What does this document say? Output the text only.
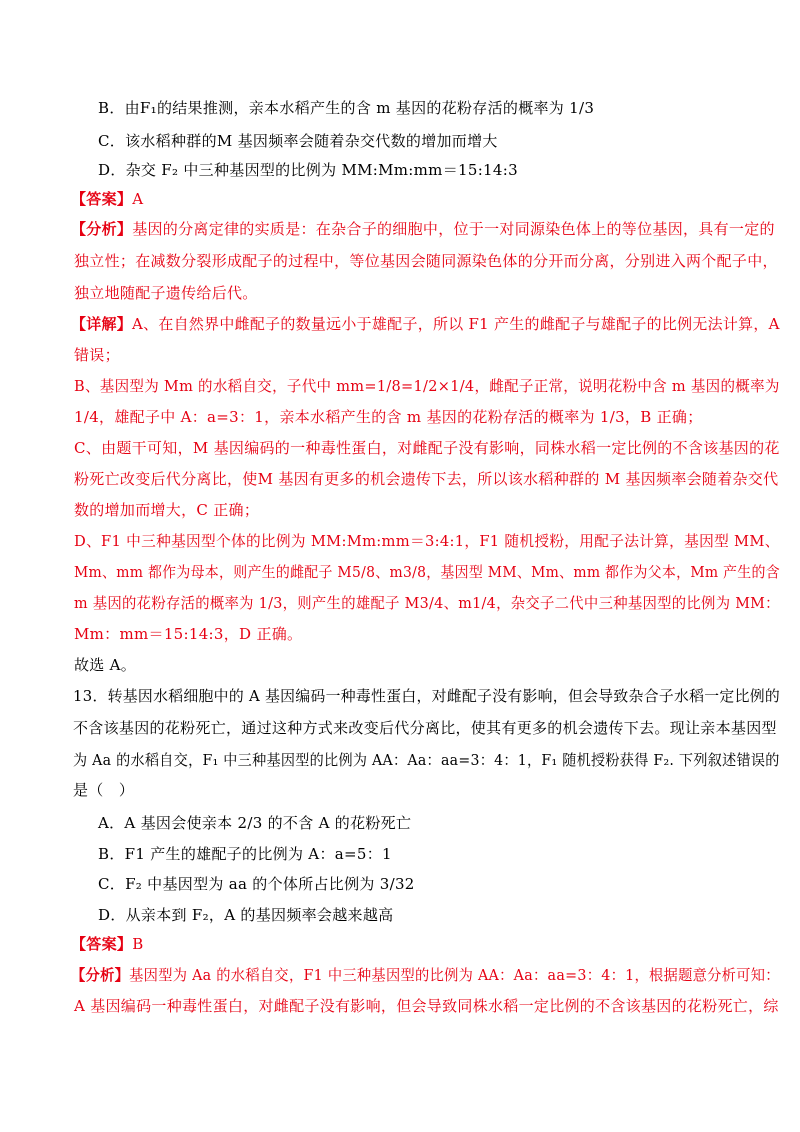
B．由F₁的结果推测，亲本水稻产生的含 m 基因的花粉存活的概率为 1/3
C．该水稻种群的M 基因频率会随着杂交代数的增加而增大
D．杂交 F₂ 中三种基因型的比例为 MM:Mm:mm＝15:14:3
【答案】A
【分析】基因的分离定律的实质是：在杂合子的细胞中，位于一对同源染色体上的等位基因，具有一定的
独立性；在减数分裂形成配子的过程中，等位基因会随同源染色体的分开而分离，分别进入两个配子中，
独立地随配子遗传给后代。
【详解】A、在自然界中雌配子的数量远小于雄配子，所以 F1 产生的雌配子与雄配子的比例无法计算，A
错误；
B、基因型为 Mm 的水稻自交，子代中 mm=1/8=1/2×1/4，雌配子正常，说明花粉中含 m 基因的概率为
1/4，雄配子中 A：a=3：1，亲本水稻产生的含 m 基因的花粉存活的概率为 1/3，B 正确；
C、由题干可知，M 基因编码的一种毒性蛋白，对雌配子没有影响，同株水稻一定比例的不含该基因的花
粉死亡改变后代分离比，使M 基因有更多的机会遗传下去，所以该水稻种群的 M 基因频率会随着杂交代
数的增加而增大，C 正确；
D、F1 中三种基因型个体的比例为 MM:Mm:mm＝3:4:1，F1 随机授粉，用配子法计算，基因型 MM、
Mm、mm 都作为母本，则产生的雌配子 M5/8、m3/8，基因型 MM、Mm、mm 都作为父本，Mm 产生的含
m 基因的花粉存活的概率为 1/3，则产生的雄配子 M3/4、m1/4，杂交子二代中三种基因型的比例为 MM：
Mm：mm＝15:14:3，D 正确。
故选 A。
13．转基因水稻细胞中的 A 基因编码一种毒性蛋白，对雌配子没有影响，但会导致杂合子水稻一定比例的
不含该基因的花粉死亡，通过这种方式来改变后代分离比，使其有更多的机会遗传下去。现让亲本基因型
为 Aa 的水稻自交，F₁ 中三种基因型的比例为 AA：Aa：aa=3：4：1，F₁ 随机授粉获得 F₂. 下列叙述错误的
是（　）
A．A 基因会使亲本 2/3 的不含 A 的花粉死亡
B．F1 产生的雄配子的比例为 A：a=5：1
C．F₂ 中基因型为 aa 的个体所占比例为 3/32
D．从亲本到 F₂，A 的基因频率会越来越高
【答案】B
【分析】基因型为 Aa 的水稻自交，F1 中三种基因型的比例为 AA：Aa：aa=3：4：1，根据题意分析可知：
A 基因编码一种毒性蛋白，对雌配子没有影响，但会导致同株水稻一定比例的不含该基因的花粉死亡，综
